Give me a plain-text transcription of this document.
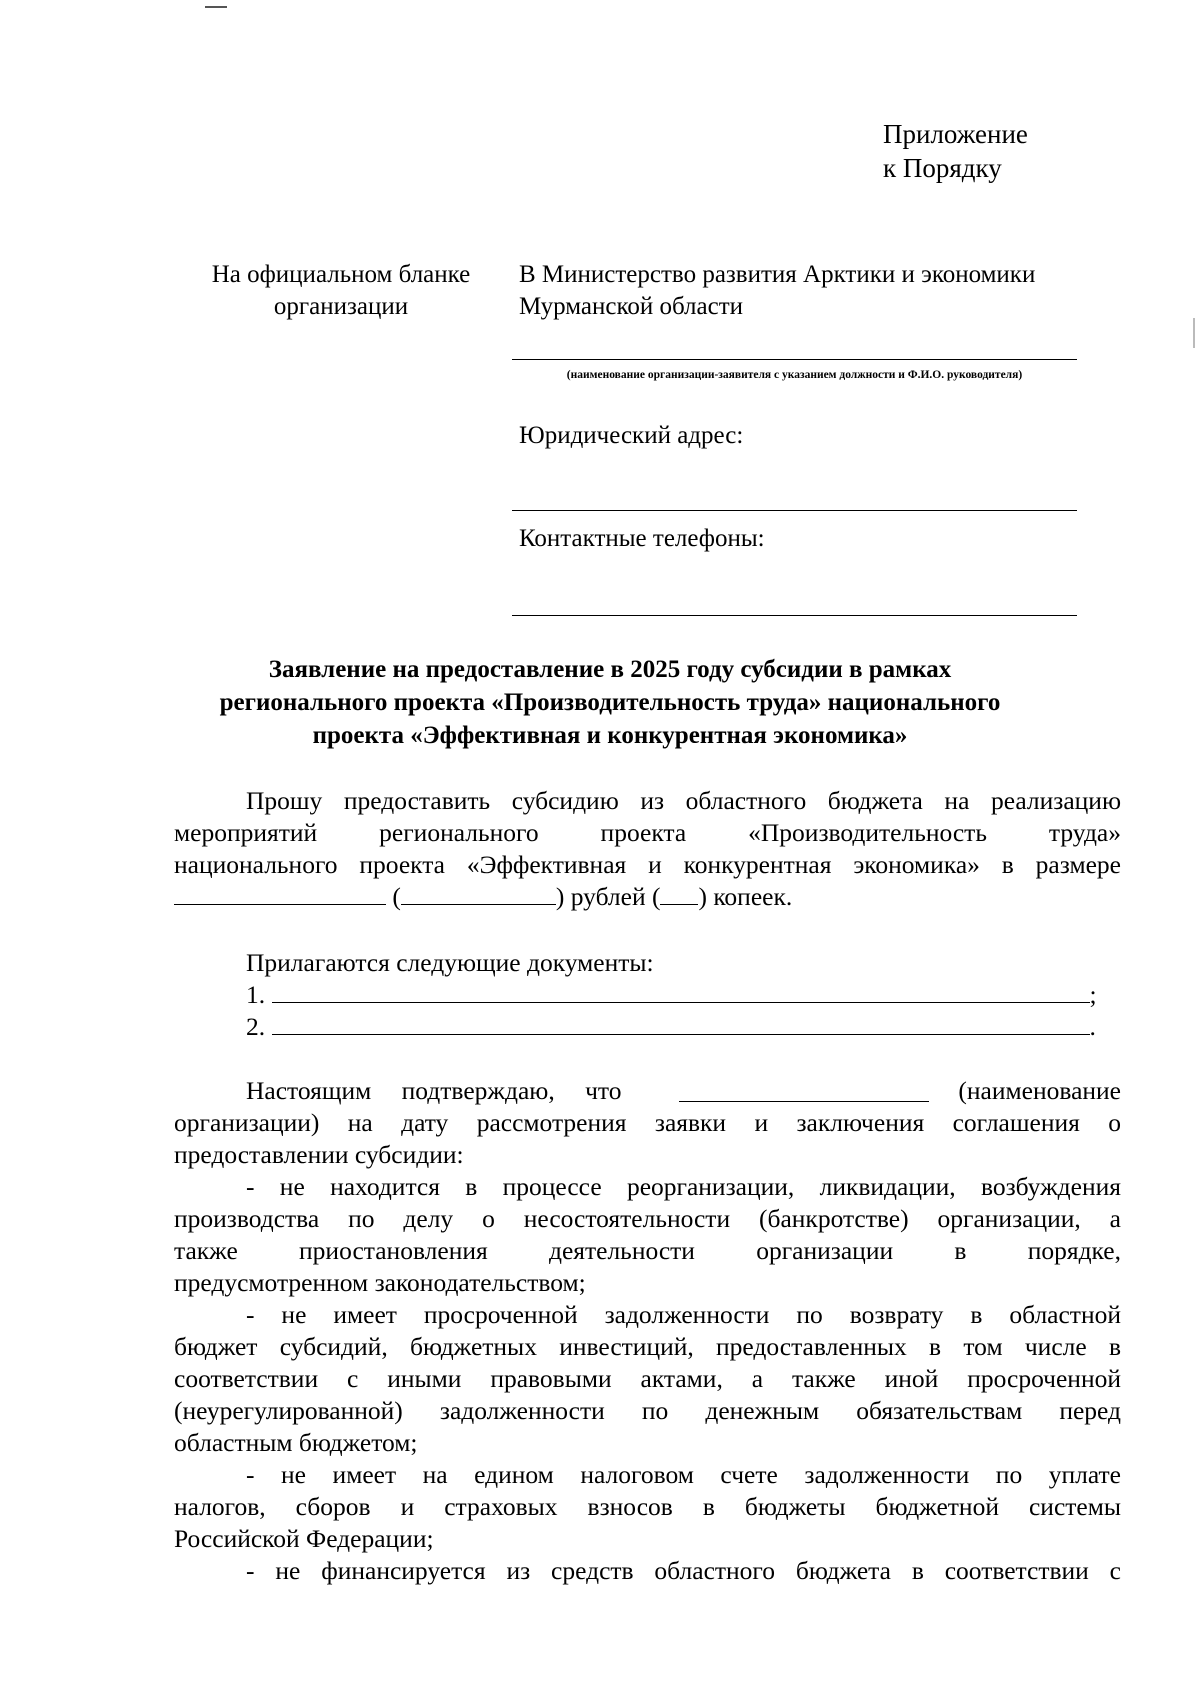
Приложение
к Порядку
На официальном бланке
организации
В Министерство развития Арктики и экономики
Мурманской области
(наименование организации-заявителя с указанием должности и Ф.И.О. руководителя)
Юридический адрес:
Контактные телефоны:
Заявление на предоставление в 2025 году субсидии в рамках
регионального проекта «Производительность труда» национального
проекта «Эффективная и конкурентная экономика»
Прошу предоставить субсидию из областного бюджета на реализацию
мероприятий регионального проекта «Производительность труда»
национального проекта «Эффективная и конкурентная экономика» в размере
(	) рублей ( ) копеек.
Прилагаются следующие документы:
1.	;
2.	.
Настоящим подтверждаю, что	(наименование
организации) на дату рассмотрения заявки и заключения соглашения о
предоставлении субсидии:
- не находится в процессе реорганизации, ликвидации, возбуждения
производства по делу о несостоятельности (банкротстве) организации, а
также приостановления деятельности организации в порядке,
предусмотренном законодательством;
- не имеет просроченной задолженности по возврату в областной
бюджет субсидий, бюджетных инвестиций, предоставленных в том числе в
соответствии с иными правовыми актами, а также иной просроченной
(неурегулированной) задолженности по денежным обязательствам перед
областным бюджетом;
- не имеет на едином налоговом счете задолженности по уплате
налогов, сборов и страховых взносов в бюджеты бюджетной системы
Российской Федерации;
- не финансируется из средств областного бюджета в соответствии с
